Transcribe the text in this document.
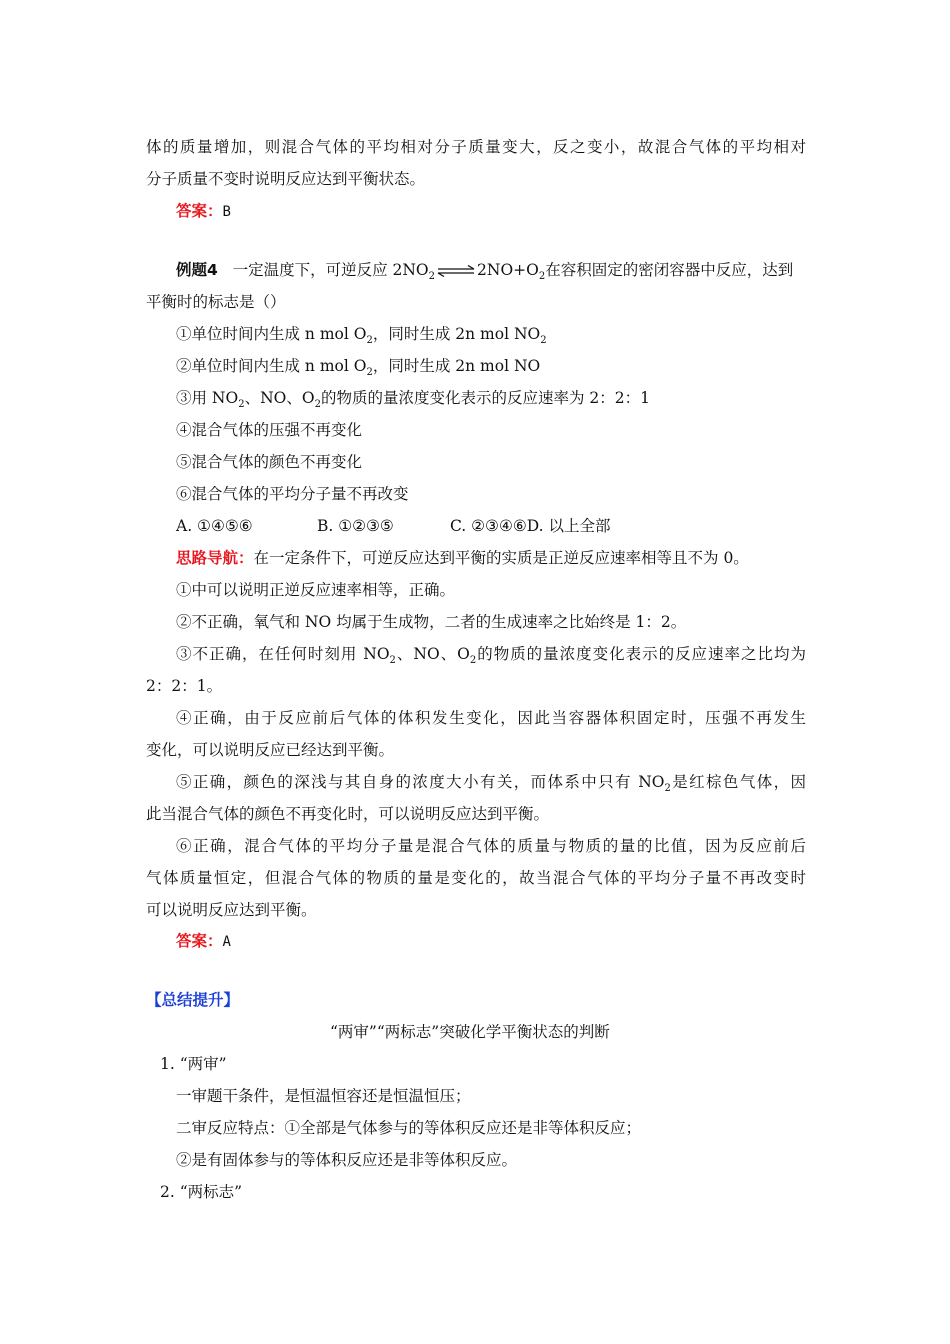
体的质量增加，则混合气体的平均相对分子质量变大，反之变小，故混合气体的平均相对
分子质量不变时说明反应达到平衡状态。
答案：B
例题4 一定温度下，可逆反应 $2NO_2$ ⇌ $2NO+O_2$在容积固定的密闭容器中反应，达到
平衡时的标志是（）
①单位时间内生成 n mol $O_2$，同时生成 2n mol $NO_2$
②单位时间内生成 n mol $O_2$，同时生成 2n mol NO
③用 $NO_2$、NO、$O_2$的物质的量浓度变化表示的反应速率为 2：2：1
④混合气体的压强不再变化
⑤混合气体的颜色不再变化
⑥混合气体的平均分子量不再改变
A. ①④⑤⑥	B. ①②③⑤	C. ②③④⑥D. 以上全部
思路导航：在一定条件下，可逆反应达到平衡的实质是正逆反应速率相等且不为 0。
①中可以说明正逆反应速率相等，正确。
②不正确，氧气和 NO 均属于生成物，二者的生成速率之比始终是 1：2。
③不正确，在任何时刻用 $NO_2$、NO、$O_2$的物质的量浓度变化表示的反应速率之比均为
2：2：1。
④正确，由于反应前后气体的体积发生变化，因此当容器体积固定时，压强不再发生
变化，可以说明反应已经达到平衡。
⑤正确，颜色的深浅与其自身的浓度大小有关，而体系中只有 $NO_2$是红棕色气体，因
此当混合气体的颜色不再变化时，可以说明反应达到平衡。
⑥正确，混合气体的平均分子量是混合气体的质量与物质的量的比值，因为反应前后
气体质量恒定，但混合气体的物质的量是变化的，故当混合气体的平均分子量不再改变时
可以说明反应达到平衡。
答案：A
【总结提升】
“两审”“两标志”突破化学平衡状态的判断
1. “两审”
一审题干条件，是恒温恒容还是恒温恒压；
二审反应特点：①全部是气体参与的等体积反应还是非等体积反应；
②是有固体参与的等体积反应还是非等体积反应。
2. “两标志”
